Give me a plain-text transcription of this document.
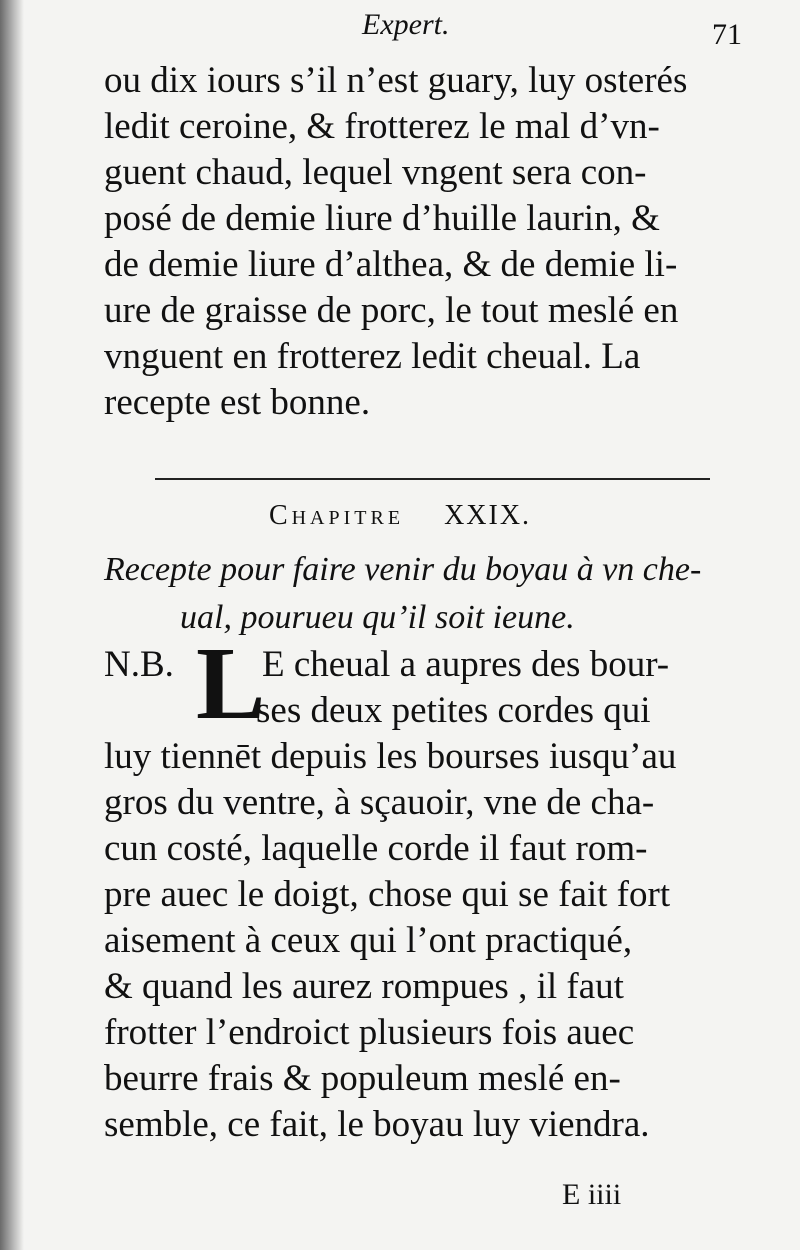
Expert.	71
ou dix iours s’il n’est guary, luy osterés
ledit ceroine, & frotterez le mal d’vn-
guent chaud, lequel vngent sera con-
posé de demie liure d’huille laurin, &
de demie liure d’althea, & de demie li-
ure de graisse de porc, le tout meslé en
vnguent en frotterez ledit cheual. La
recepte est bonne.
Chapitre XXIX.
Recepte pour faire venir du boyau à vn che-
ual, pourueu qu’il soit ieune.
N.B. L
E cheual a aupres des bour-
ses deux petites cordes qui
luy tiennēt depuis les bourses iusqu’au
gros du ventre, à sçauoir, vne de cha-
cun costé, laquelle corde il faut rom-
pre auec le doigt, chose qui se fait fort
aisement à ceux qui l’ont practiqué,
& quand les aurez rompues , il faut
frotter l’endroict plusieurs fois auec
beurre frais & populeum meslé en-
semble, ce fait, le boyau luy viendra.
E iiii
